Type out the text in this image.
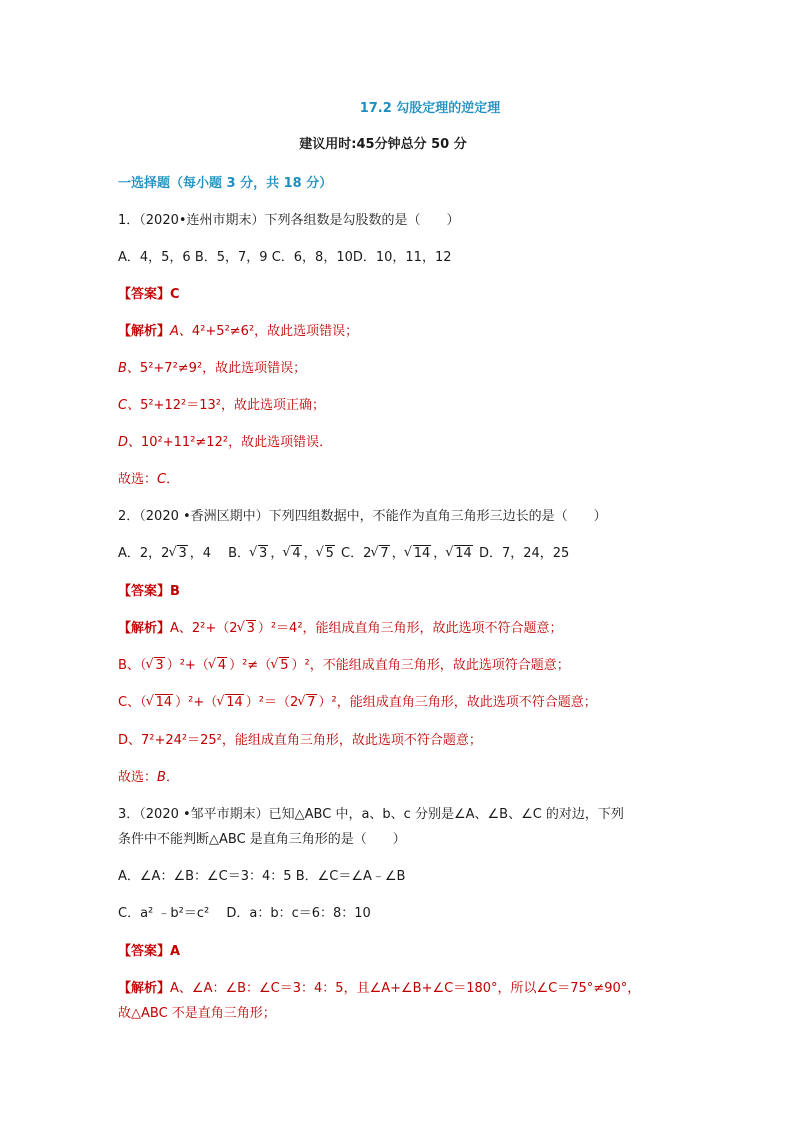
17.2 勾股定理的逆定理
建议用时:45分钟总分 50 分
一选择题（每小题 3 分，共 18 分）
1．（2020•连州市期末）下列各组数是勾股数的是（　　）
A．4，5，6 B．5，7，9 C．6，8，10D．10，11，12
【答案】C
【解析】A、4²+5²≠6²，故此选项错误；
B、5²+7²≠9²，故此选项错误；
C、5²+12²＝13²，故此选项正确；
D、10²+11²≠12²，故此选项错误．
故选：C．
2．（2020 •香洲区期中）下列四组数据中，不能作为直角三角形三边长的是（　　）
A．2，2 √ 3 ，4　 B． √ 3 ， √ 4 ， √ 5 C．2 √ 7 ， √ 14 ， √ 14 D．7，24，25
【答案】B
【解析】A、2²+（2 √ 3 ）²＝4²，能组成直角三角形，故此选项不符合题意；
B、（ √ 3 ）²+（ √ 4 ）²≠（ √ 5 ）²，不能组成直角三角形，故此选项符合题意；
C、（ √ 14 ）²+（ √ 14 ）²＝（2 √ 7 ）²，能组成直角三角形，故此选项不符合题意；
D、7²+24²＝25²，能组成直角三角形，故此选项不符合题意；
故选：B．
3．（2020 •邹平市期末）已知△ABC 中，a、b、c 分别是∠A、∠B、∠C 的对边，下列
条件中不能判断△ABC 是直角三角形的是（　　）
A．∠A：∠B：∠C＝3：4：5 B．∠C＝∠A﹣∠B
C．a² ﹣b²＝c²　 D．a：b：c＝6：8：10
【答案】A
【解析】A、∠A：∠B：∠C＝3：4：5，且∠A+∠B+∠C＝180°，所以∠C＝75°≠90°，
故△ABC 不是直角三角形；
